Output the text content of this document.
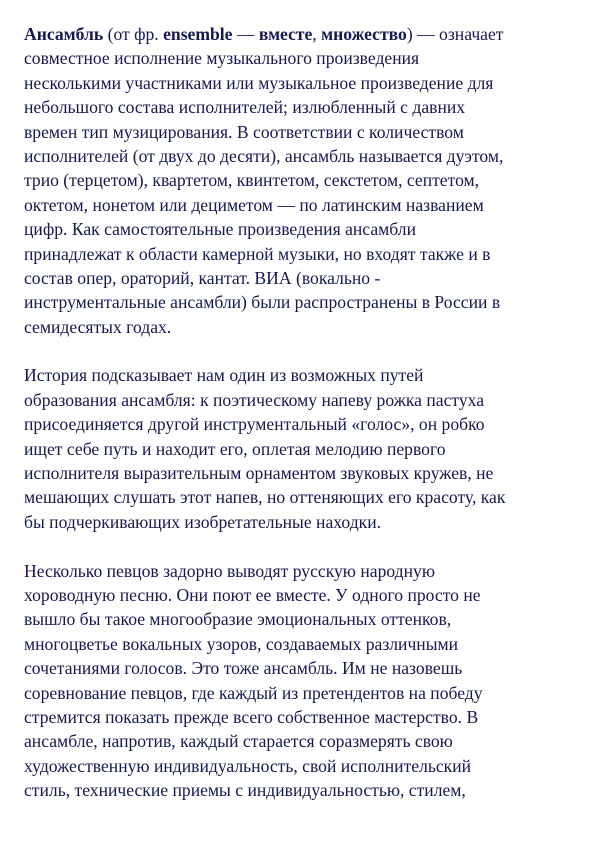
Ансамбль (от фр. ensemble — вместе, множество) — означает
совместное исполнение музыкального произведения
несколькими участниками или музыкальное произведение для
небольшого состава исполнителей; излюбленный с давних
времен тип музицирования. В соответствии с количеством
исполнителей (от двух до десяти), ансамбль называется дуэтом,
трио (терцетом), квартетом, квинтетом, секстетом, септетом,
октетом, нонетом или дециметом — по латинским названием
цифр. Как самостоятельные произведения ансамбли
принадлежат к области камерной музыки, но входят также и в
состав опер, ораторий, кантат. ВИА (вокально -
инструментальные ансамбли) были распространены в России в
семидесятых годах.
История подсказывает нам один из возможных путей
образования ансамбля: к поэтическому напеву рожка пастуха
присоединяется другой инструментальный «голос», он робко
ищет себе путь и находит его, оплетая мелодию первого
исполнителя выразительным орнаментом звуковых кружев, не
мешающих слушать этот напев, но оттеняющих его красоту, как
бы подчеркивающих изобретательные находки.
Несколько певцов задорно выводят русскую народную
хороводную песню. Они поют ее вместе. У одного просто не
вышло бы такое многообразие эмоциональных оттенков,
многоцветье вокальных узоров, создаваемых различными
сочетаниями голосов. Это тоже ансамбль. Им не назовешь
соревнование певцов, где каждый из претендентов на победу
стремится показать прежде всего собственное мастерство. В
ансамбле, напротив, каждый старается соразмерять свою
художественную индивидуальность, свой исполнительский
стиль, технические приемы с индивидуальностью, стилем,
